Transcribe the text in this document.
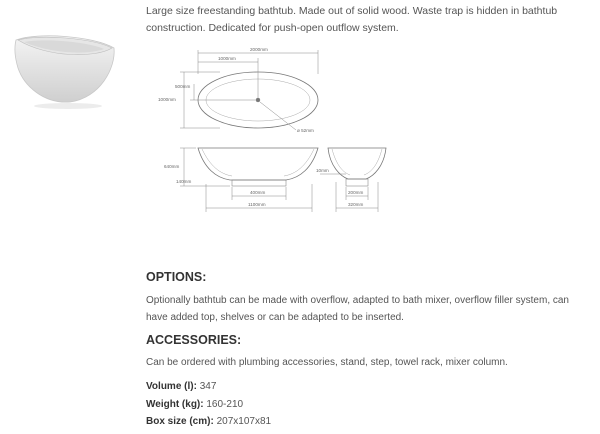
Large size freestanding bathtub. Made out of solid wood. Waste trap is hidden in bathtub
construction. Dedicated for push-open outflow system.
2000mm
1000mm
500mm
1000mm
ø 52mm
640mm
140mm
400mm
1100mm
10mm
200mm
320mm
OPTIONS:
Optionally bathtub can be made with overflow, adapted to bath mixer, overflow filler system, can
have added top, shelves or can be adapted to be inserted.
ACCESSORIES:
Can be ordered with plumbing accessories, stand, step, towel rack, mixer column.
Volume (l): 347
Weight (kg): 160-210
Box size (cm): 207x107x81
